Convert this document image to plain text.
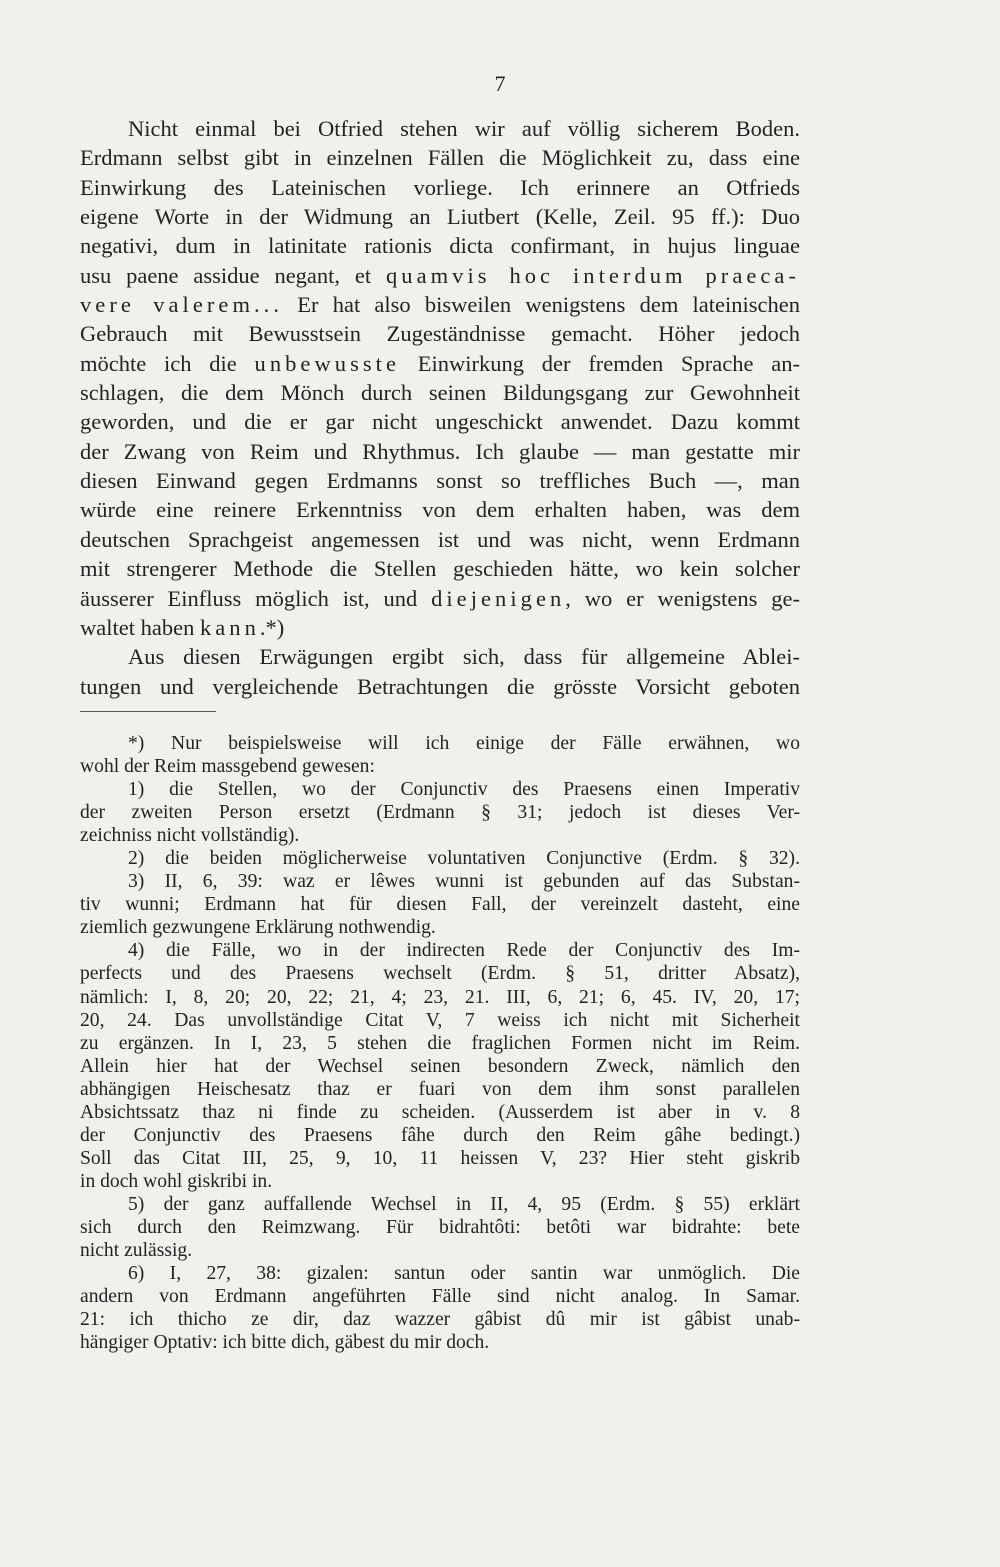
7
Nicht einmal bei Otfried stehen wir auf völlig sicherem Boden.
Erdmann selbst gibt in einzelnen Fällen die Möglichkeit zu, dass eine
Einwirkung des Lateinischen vorliege. Ich erinnere an Otfrieds
eigene Worte in der Widmung an Liutbert (Kelle, Zeil. 95 ff.): Duo
negativi, dum in latinitate rationis dicta confirmant, in hujus linguae
usu paene assidue negant, et quamvis hoc interdum praeca-
vere valerem... Er hat also bisweilen wenigstens dem lateinischen
Gebrauch mit Bewusstsein Zugeständnisse gemacht. Höher jedoch
möchte ich die unbewusste Einwirkung der fremden Sprache an-
schlagen, die dem Mönch durch seinen Bildungsgang zur Gewohnheit
geworden, und die er gar nicht ungeschickt anwendet. Dazu kommt
der Zwang von Reim und Rhythmus. Ich glaube — man gestatte mir
diesen Einwand gegen Erdmanns sonst so treffliches Buch —, man
würde eine reinere Erkenntniss von dem erhalten haben, was dem
deutschen Sprachgeist angemessen ist und was nicht, wenn Erdmann
mit strengerer Methode die Stellen geschieden hätte, wo kein solcher
äusserer Einfluss möglich ist, und diejenigen, wo er wenigstens ge-
waltet haben kann.*)
Aus diesen Erwägungen ergibt sich, dass für allgemeine Ablei-
tungen und vergleichende Betrachtungen die grösste Vorsicht geboten
*) Nur beispielsweise will ich einige der Fälle erwähnen, wo
wohl der Reim massgebend gewesen:
1) die Stellen, wo der Conjunctiv des Praesens einen Imperativ
der zweiten Person ersetzt (Erdmann § 31; jedoch ist dieses Ver-
zeichniss nicht vollständig).
2) die beiden möglicherweise voluntativen Conjunctive (Erdm. § 32).
3) II, 6, 39: waz er lêwes wunni ist gebunden auf das Substan-
tiv wunni; Erdmann hat für diesen Fall, der vereinzelt dasteht, eine
ziemlich gezwungene Erklärung nothwendig.
4) die Fälle, wo in der indirecten Rede der Conjunctiv des Im-
perfects und des Praesens wechselt (Erdm. § 51, dritter Absatz),
nämlich: I, 8, 20; 20, 22; 21, 4; 23, 21. III, 6, 21; 6, 45. IV, 20, 17;
20, 24. Das unvollständige Citat V, 7 weiss ich nicht mit Sicherheit
zu ergänzen. In I, 23, 5 stehen die fraglichen Formen nicht im Reim.
Allein hier hat der Wechsel seinen besondern Zweck, nämlich den
abhängigen Heischesatz thaz er fuari von dem ihm sonst parallelen
Absichtssatz thaz ni finde zu scheiden. (Ausserdem ist aber in v. 8
der Conjunctiv des Praesens fâhe durch den Reim gâhe bedingt.)
Soll das Citat III, 25, 9, 10, 11 heissen V, 23? Hier steht giskrib
in doch wohl giskribi in.
5) der ganz auffallende Wechsel in II, 4, 95 (Erdm. § 55) erklärt
sich durch den Reimzwang. Für bidrahtôti: betôti war bidrahte: bete
nicht zulässig.
6) I, 27, 38: gizalen: santun oder santin war unmöglich. Die
andern von Erdmann angeführten Fälle sind nicht analog. In Samar.
21: ich thicho ze dir, daz wazzer gâbist dû mir ist gâbist unab-
hängiger Optativ: ich bitte dich, gäbest du mir doch.
